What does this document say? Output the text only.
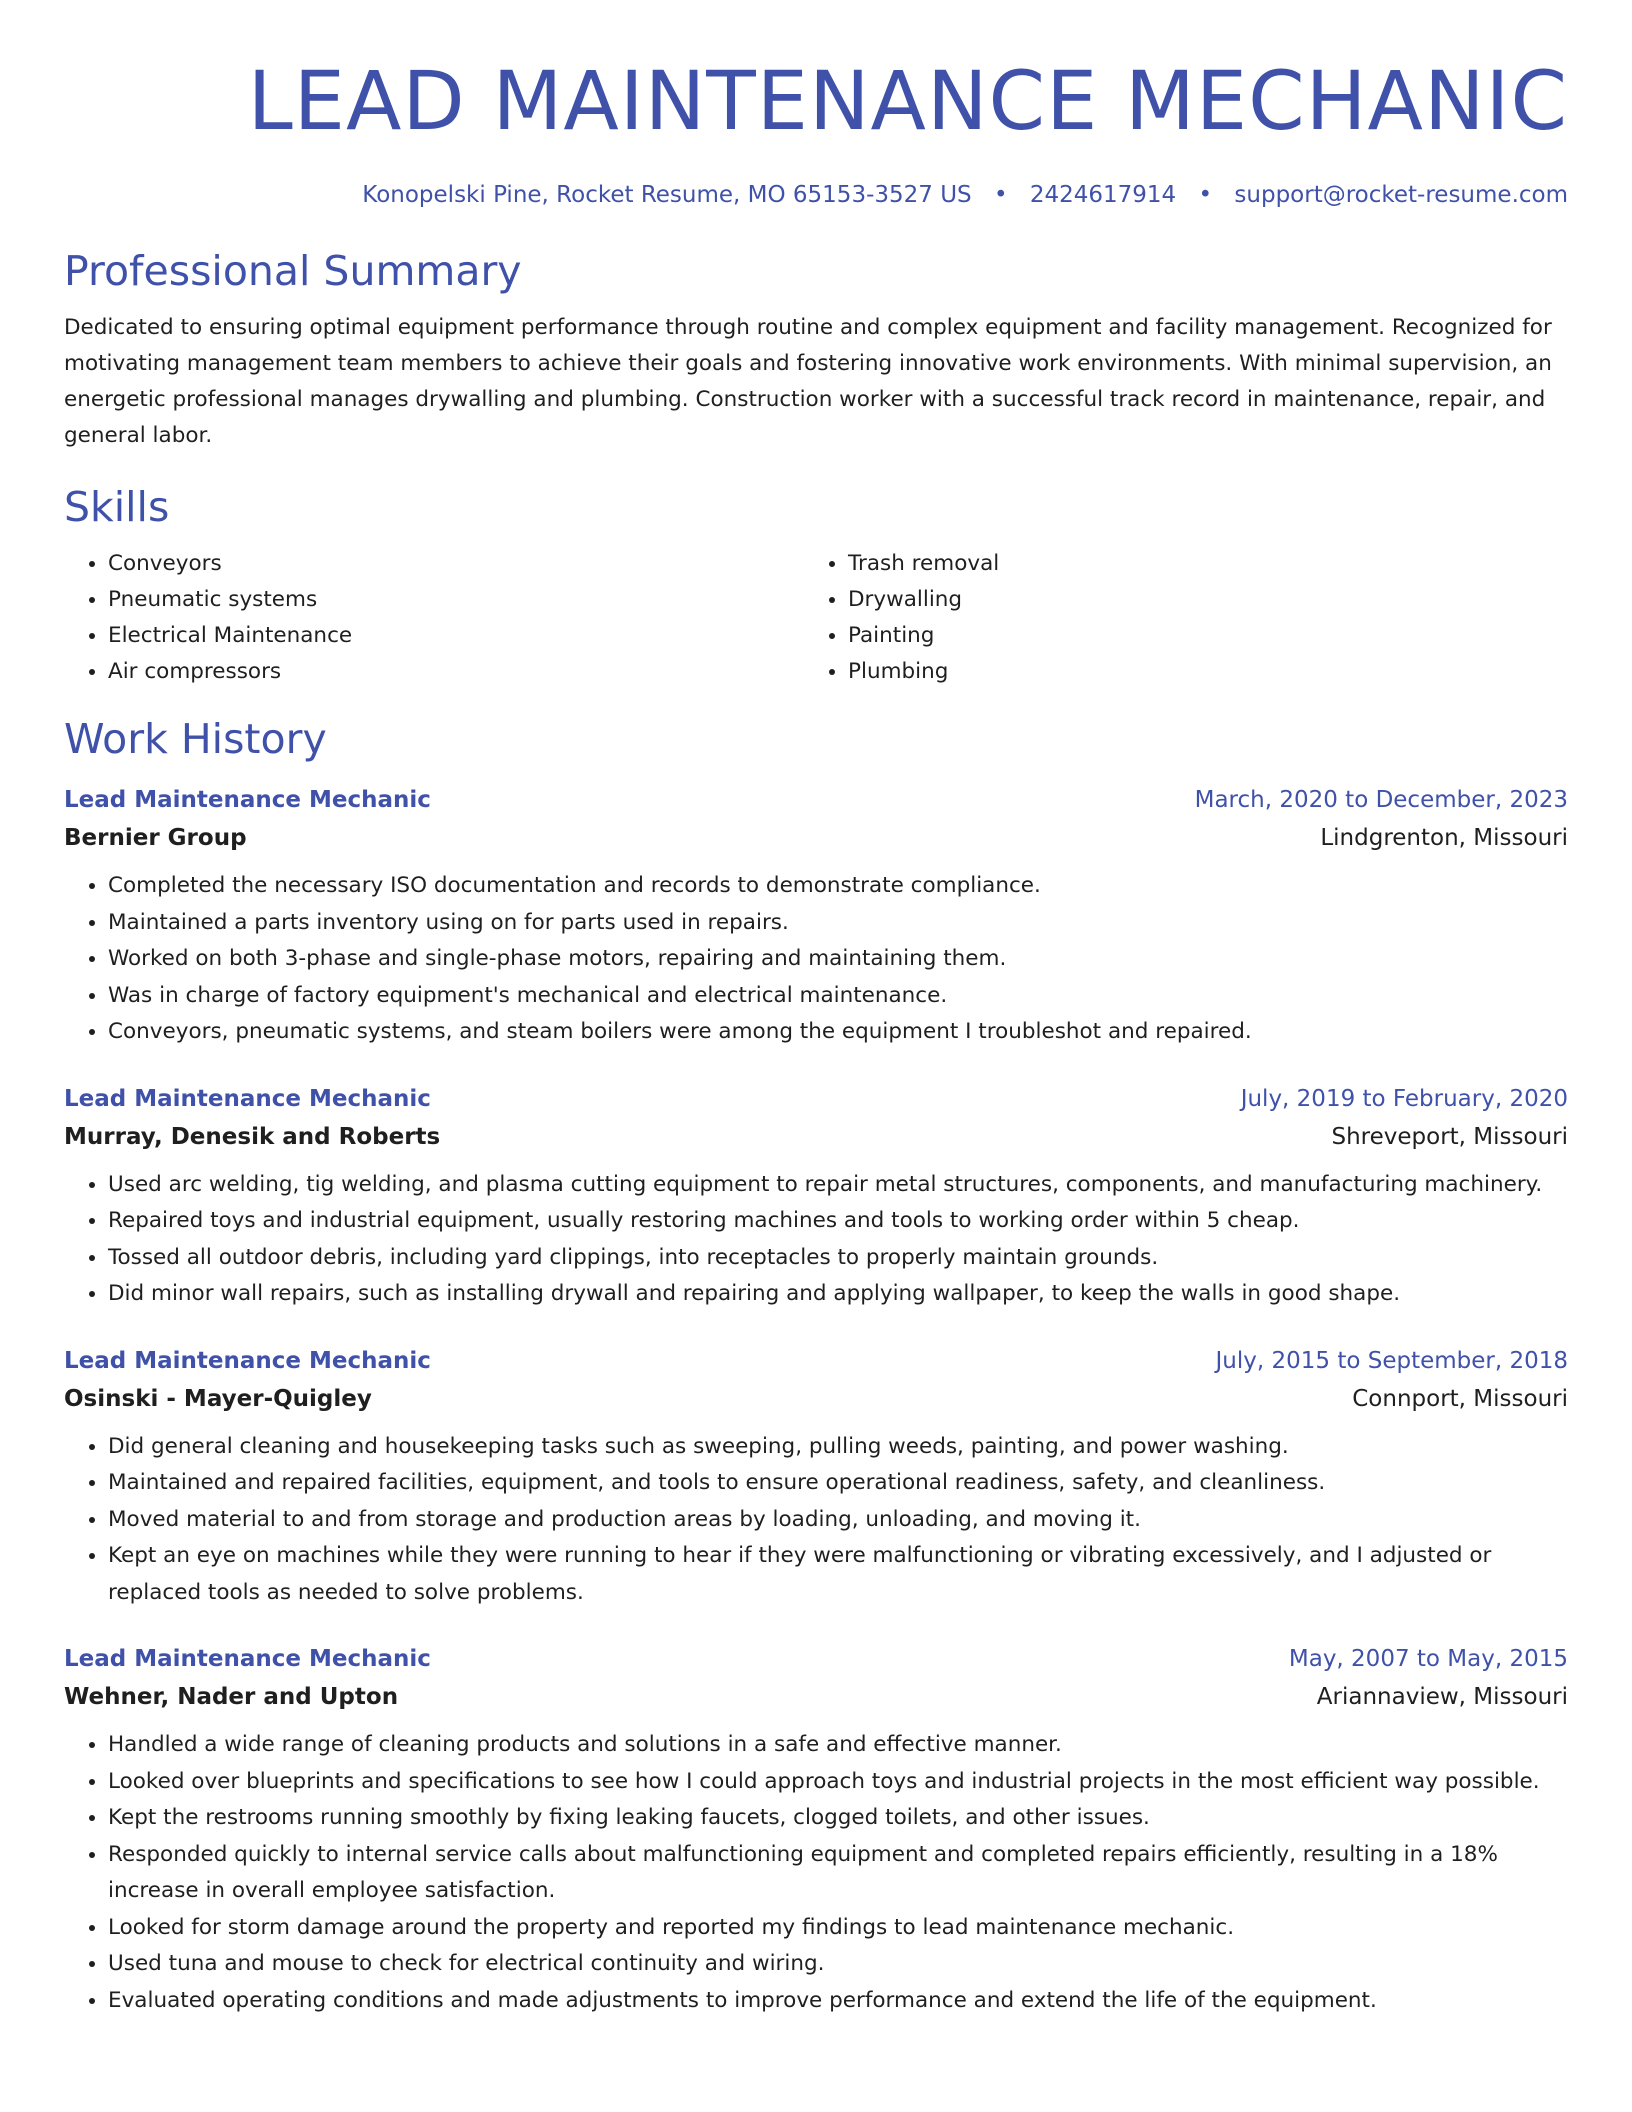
LEAD MAINTENANCE MECHANIC
Konopelski Pine, Rocket Resume, MO 65153-3527 US • 2424617914 • support@rocket-resume.com
Professional Summary

Dedicated to ensuring optimal equipment performance through routine and complex equipment and facility management. Recognized for motivating management team members to achieve their goals and fostering innovative work environments. With minimal supervision, an energetic professional manages drywalling and plumbing. Construction worker with a successful track record in maintenance, repair, and general labor.

Skills
• Conveyors
• Pneumatic systems
• Electrical Maintenance
• Air compressors
• Trash removal
• Drywalling
• Painting
• Plumbing
Work History
Lead Maintenance Mechanic	March, 2020 to December, 2023
Bernier Group	Lindgrenton, Missouri
• Completed the necessary ISO documentation and records to demonstrate compliance.
• Maintained a parts inventory using on for parts used in repairs.
• Worked on both 3-phase and single-phase motors, repairing and maintaining them.
• Was in charge of factory equipment's mechanical and electrical maintenance.
• Conveyors, pneumatic systems, and steam boilers were among the equipment I troubleshot and repaired.
Lead Maintenance Mechanic	July, 2019 to February, 2020
Murray, Denesik and Roberts	Shreveport, Missouri
• Used arc welding, tig welding, and plasma cutting equipment to repair metal structures, components, and manufacturing machinery.
• Repaired toys and industrial equipment, usually restoring machines and tools to working order within 5 cheap.
• Tossed all outdoor debris, including yard clippings, into receptacles to properly maintain grounds.
• Did minor wall repairs, such as installing drywall and repairing and applying wallpaper, to keep the walls in good shape.
Lead Maintenance Mechanic	July, 2015 to September, 2018
Osinski - Mayer-Quigley	Connport, Missouri
• Did general cleaning and housekeeping tasks such as sweeping, pulling weeds, painting, and power washing.
• Maintained and repaired facilities, equipment, and tools to ensure operational readiness, safety, and cleanliness.
• Moved material to and from storage and production areas by loading, unloading, and moving it.
• Kept an eye on machines while they were running to hear if they were malfunctioning or vibrating excessively, and I adjusted or replaced tools as needed to solve problems.
Lead Maintenance Mechanic	May, 2007 to May, 2015
Wehner, Nader and Upton	Ariannaview, Missouri
• Handled a wide range of cleaning products and solutions in a safe and effective manner.
• Looked over blueprints and specifications to see how I could approach toys and industrial projects in the most efficient way possible.
• Kept the restrooms running smoothly by fixing leaking faucets, clogged toilets, and other issues.
• Responded quickly to internal service calls about malfunctioning equipment and completed repairs efficiently, resulting in a 18% increase in overall employee satisfaction.
• Looked for storm damage around the property and reported my findings to lead maintenance mechanic.
• Used tuna and mouse to check for electrical continuity and wiring.
• Evaluated operating conditions and made adjustments to improve performance and extend the life of the equipment.
